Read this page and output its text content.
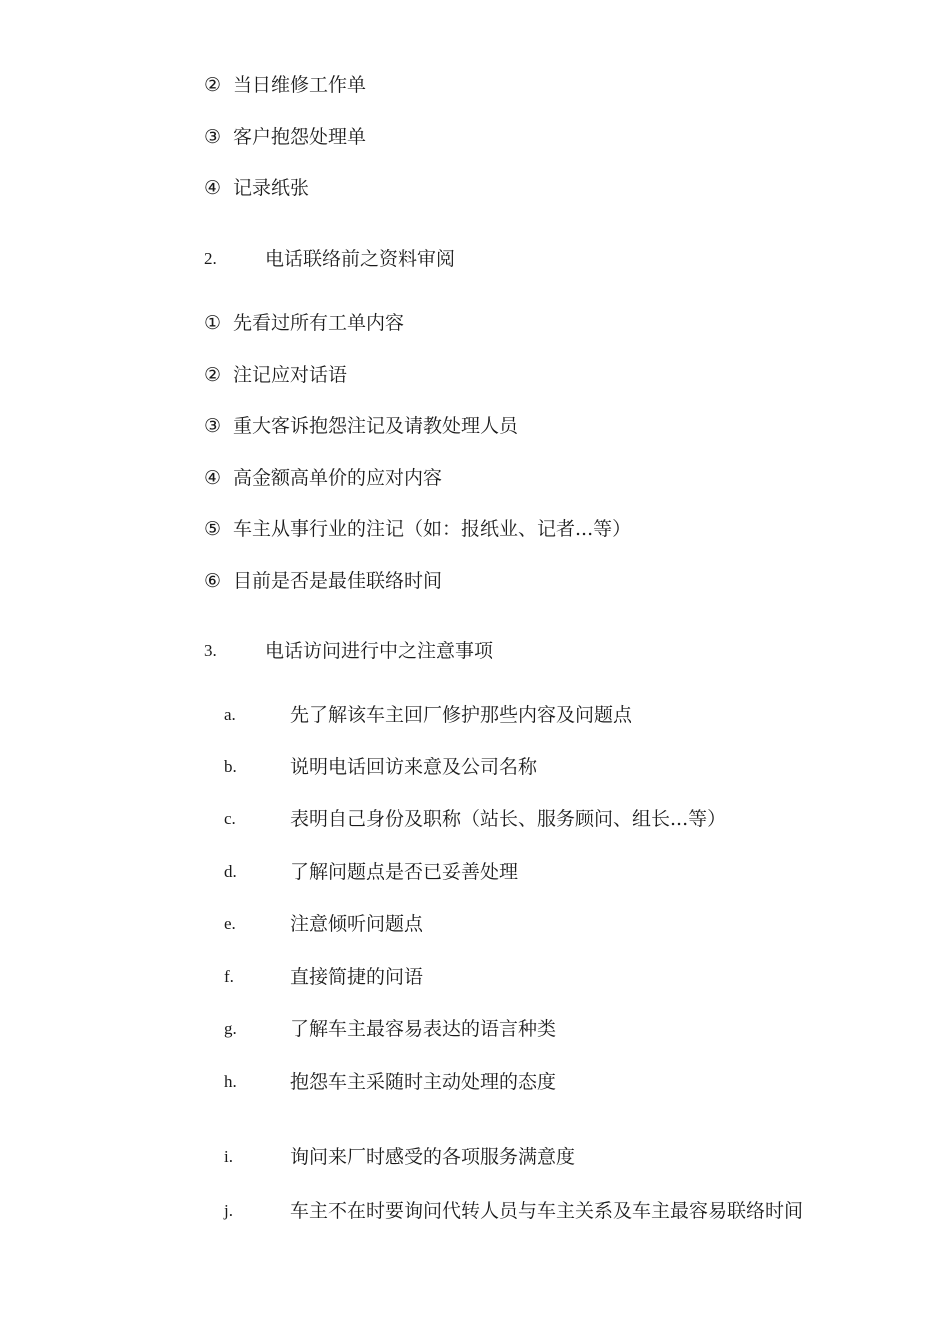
② 当日维修工作单
③ 客户抱怨处理单
④ 记录纸张
2.	电话联络前之资料审阅
① 先看过所有工单内容
② 注记应对话语
③ 重大客诉抱怨注记及请教处理人员
④ 高金额高单价的应对内容
⑤ 车主从事行业的注记（如：报纸业、记者...等）
⑥ 目前是否是最佳联络时间
3.	电话访问进行中之注意事项
a.	先了解该车主回厂修护那些内容及问题点
b.	说明电话回访来意及公司名称
c.	表明自己身份及职称（站长、服务顾问、组长...等）
d.	了解问题点是否已妥善处理
e.	注意倾听问题点
f.	直接简捷的问语
g.	了解车主最容易表达的语言种类
h.	抱怨车主采随时主动处理的态度
i.	询问来厂时感受的各项服务满意度
j.	车主不在时要询问代转人员与车主关系及车主最容易联络时间
